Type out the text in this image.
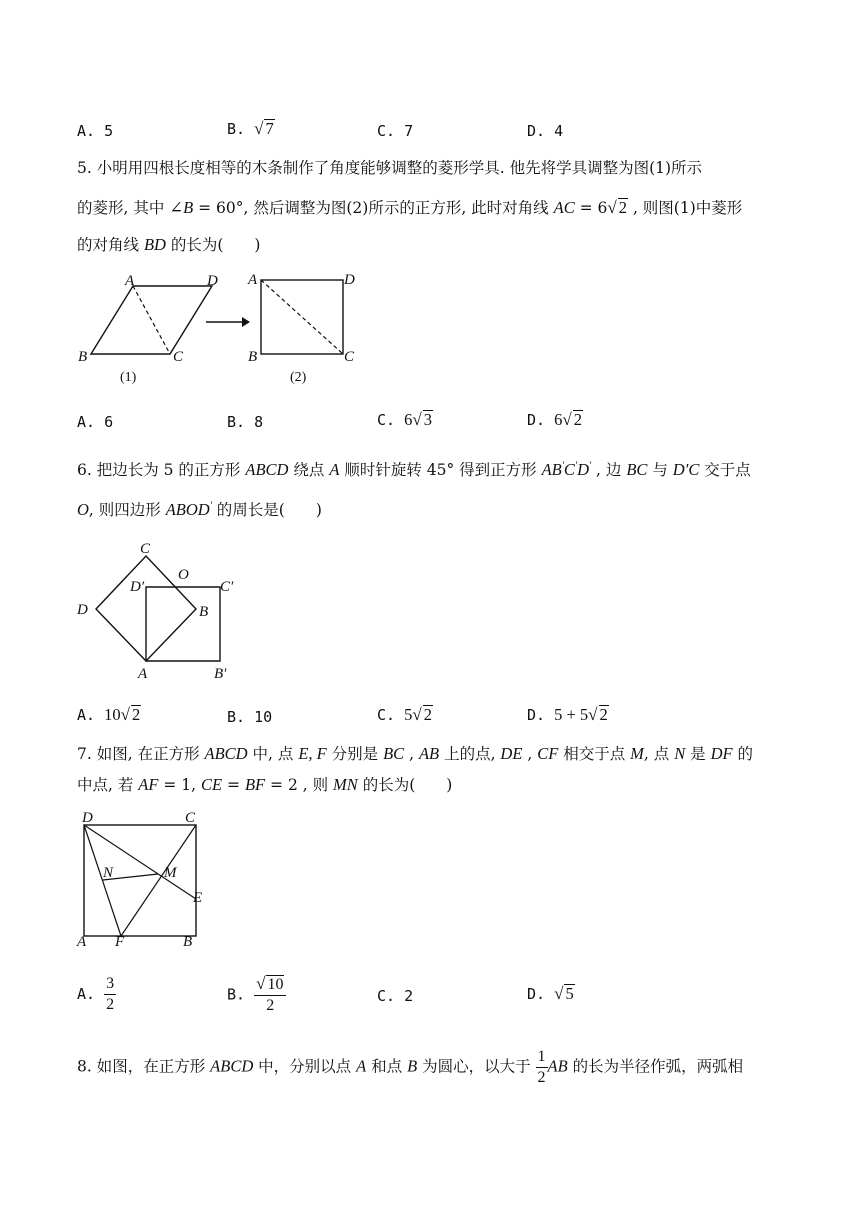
A. 5	B. √ 7	C. 7	D. 4
5. 小明用四根长度相等的木条制作了角度能够调整的菱形学具. 他先将学具调整为图(1)所示
的菱形, 其中 ∠B = 60°, 然后调整为图(2)所示的正方形, 此时对角线 AC = 6√ 2 , 则图(1)中菱形
的对角线 BD 的长为(　　)
A	D
B	C
(1)
A	D
B	C
(2)
A. 6	B. 8	C. 6√ 3	D. 6√ 2
6. 把边长为 5 的正方形 ABCD 绕点 A 顺时针旋转 45° 得到正方形 AB'C'D' , 边 BC 与 D′C 交于点
O, 则四边形 ABOD' 的周长是(　　)
C
O
D′	C′
D	B
A	B′
A. 10√ 2	B. 10	C. 5√ 2	D. 5 + 5√ 2
7. 如图, 在正方形 ABCD 中, 点 E, F 分别是 BC , AB 上的点, DE , CF 相交于点 M, 点 N 是 DF 的
中点, 若 AF = 1, CE = BF = 2 , 则 MN 的长为(　　)
D	C
N	M
E
A F	B
A. $\frac{3}{2}$	B. $\frac{√ 10}{2}$	C. 2	D. √ 5
8. 如图，在正方形 ABCD 中，分别以点 A 和点 B 为圆心，以大于 $\frac{1}{2}$ AB 的长为半径作弧，两弧相
